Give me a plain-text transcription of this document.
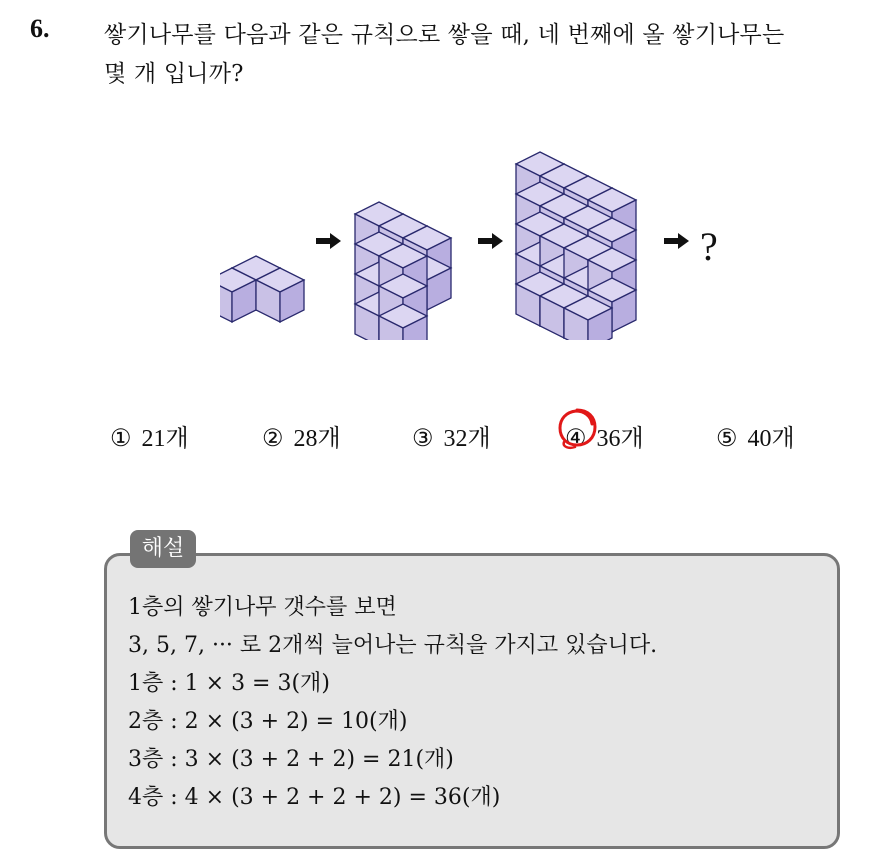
6. 쌓기나무를 다음과 같은 규칙으로 쌓을 때, 네 번째에 올 쌓기나무는
몇 개 입니까?
?
① 21개	② 28개	③ 32개	④ 36개	⑤ 40개
해설
1층의 쌓기나무 갯수를 보면
3, 5, 7, ··· 로 2개씩 늘어나는 규칙을 가지고 있습니다.
1층 : 1 × 3 = 3(개)
2층 : 2 × (3 + 2) = 10(개)
3층 : 3 × (3 + 2 + 2) = 21(개)
4층 : 4 × (3 + 2 + 2 + 2) = 36(개)
